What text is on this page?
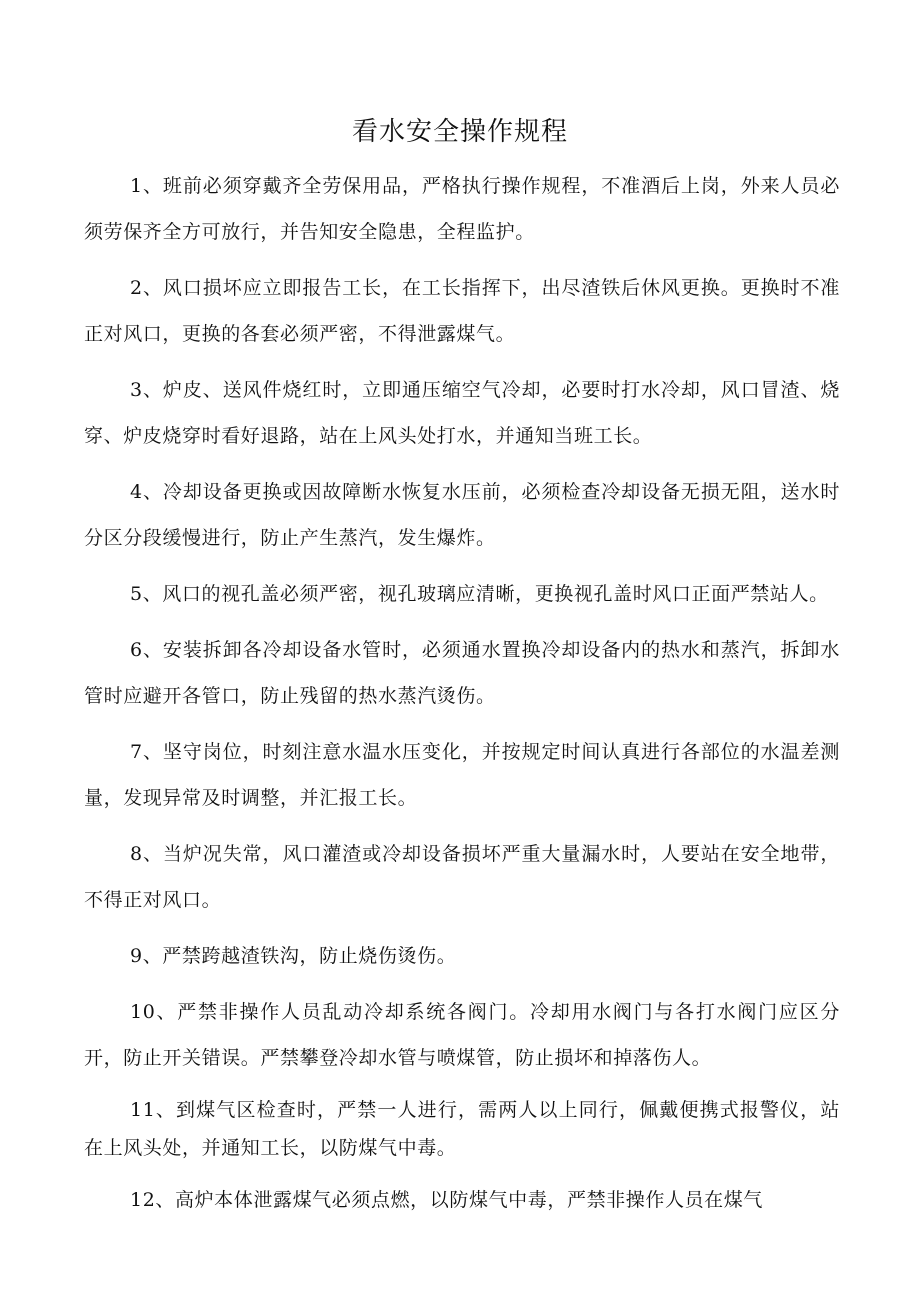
看水安全操作规程

1、班前必须穿戴齐全劳保用品，严格执行操作规程，不准酒后上岗，外来人员必须劳保齐全方可放行，并告知安全隐患，全程监护。

2、风口损坏应立即报告工长，在工长指挥下，出尽渣铁后休风更换。更换时不准正对风口，更换的各套必须严密，不得泄露煤气。

3、炉皮、送风件烧红时，立即通压缩空气冷却，必要时打水冷却，风口冒渣、烧穿、炉皮烧穿时看好退路，站在上风头处打水，并通知当班工长。

4、冷却设备更换或因故障断水恢复水压前，必须检查冷却设备无损无阻，送水时分区分段缓慢进行，防止产生蒸汽，发生爆炸。

5、风口的视孔盖必须严密，视孔玻璃应清晰，更换视孔盖时风口正面严禁站人。

6、安装拆卸各冷却设备水管时，必须通水置换冷却设备内的热水和蒸汽，拆卸水管时应避开各管口，防止残留的热水蒸汽烫伤。

7、坚守岗位，时刻注意水温水压变化，并按规定时间认真进行各部位的水温差测量，发现异常及时调整，并汇报工长。

8、当炉况失常，风口灌渣或冷却设备损坏严重大量漏水时，人要站在安全地带，不得正对风口。

9、严禁跨越渣铁沟，防止烧伤烫伤。

10、严禁非操作人员乱动冷却系统各阀门。冷却用水阀门与各打水阀门应区分开，防止开关错误。严禁攀登冷却水管与喷煤管，防止损坏和掉落伤人。

11、到煤气区检查时，严禁一人进行，需两人以上同行，佩戴便携式报警仪，站在上风头处，并通知工长，以防煤气中毒。

12、高炉本体泄露煤气必须点燃，以防煤气中毒，严禁非操作人员在煤气
